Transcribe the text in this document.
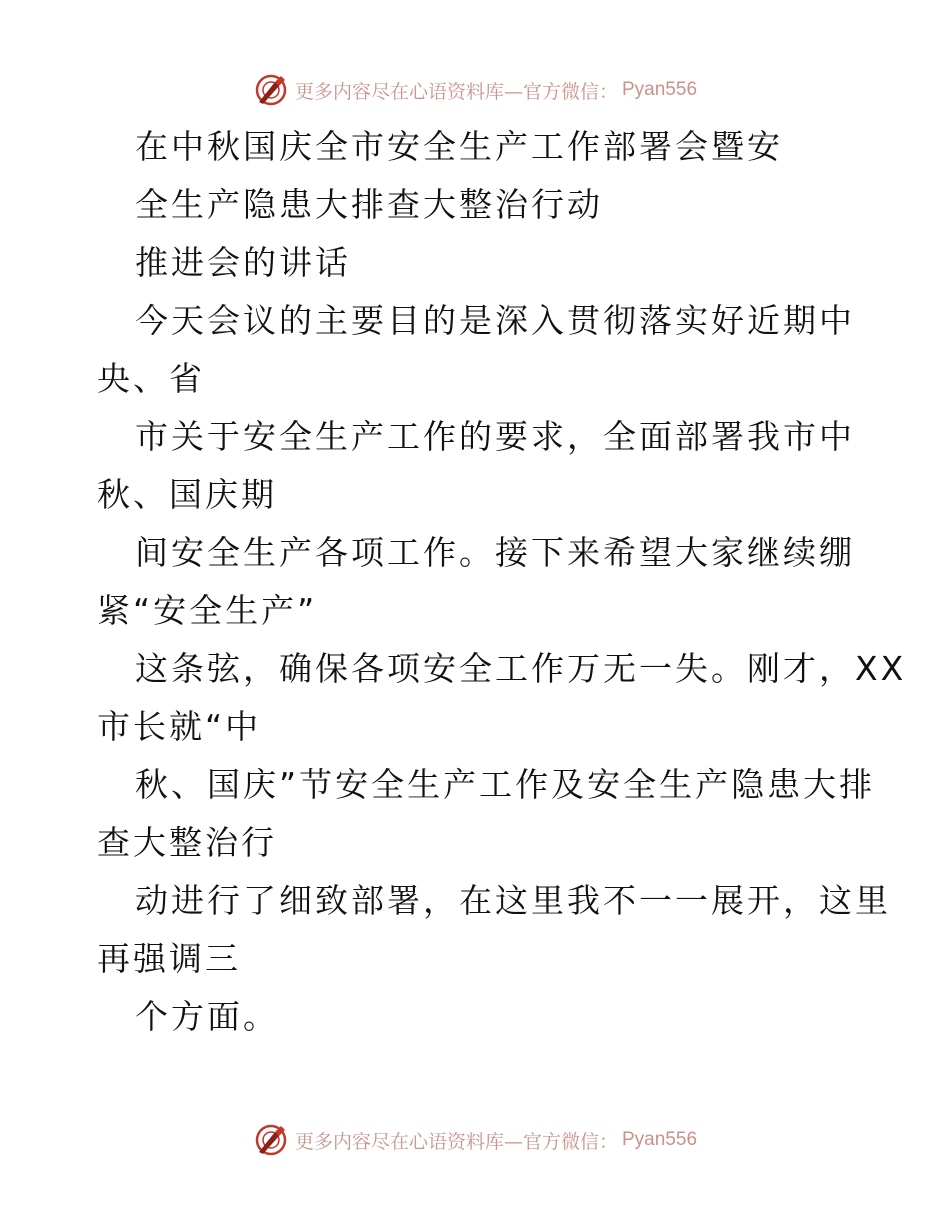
更多内容尽在心语资料库—官方微信： Pyan556
在中秋国庆全市安全生产工作部署会暨安
全生产隐患大排查大整治行动
推进会的讲话
今天会议的主要目的是深入贯彻落实好近期中
央、省
市关于安全生产工作的要求，全面部署我市中
秋、国庆期
间安全生产各项工作。接下来希望大家继续绷
紧“安全生产”
这条弦，确保各项安全工作万无一失。刚才，XX
市长就“中
秋、国庆”节安全生产工作及安全生产隐患大排
查大整治行
动进行了细致部署，在这里我不一一展开，这里
再强调三
个方面。
更多内容尽在心语资料库—官方微信： Pyan556
